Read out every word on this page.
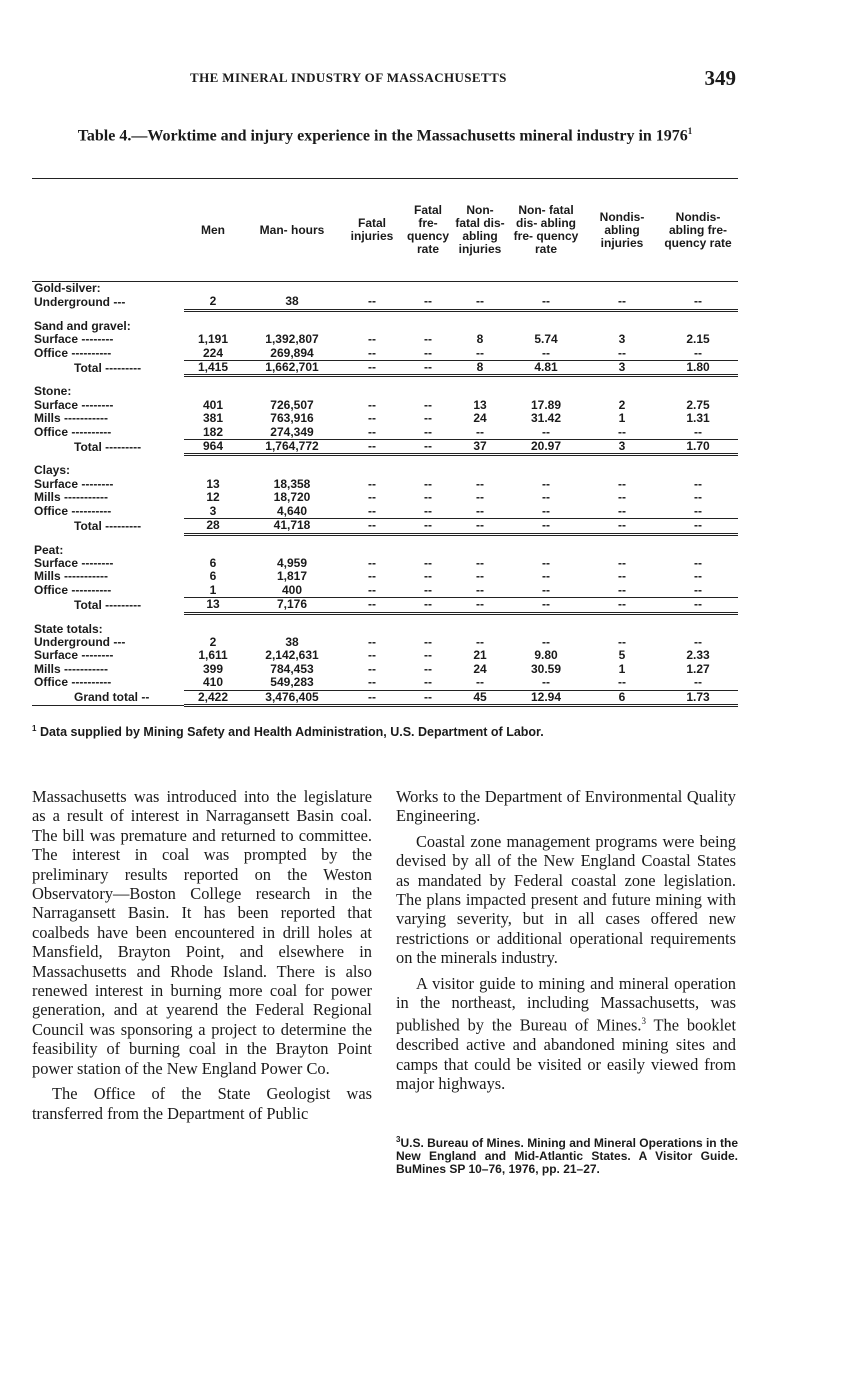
THE MINERAL INDUSTRY OF MASSACHUSETTS	349
Table 4.—Worktime and injury experience in the Massachusetts mineral industry in 1976$^1$
	Men	Man- hours	Fatal injuries	Fatal fre- quency rate	Non- fatal dis- abling injuries	Non- fatal dis- abling fre- quency rate	Nondis- abling injuries	Nondis- abling fre- quency rate
Gold-silver:								
Underground ---	2	38	--	--	--	--	--	--

Sand and gravel:								
Surface --------	1,191	1,392,807	--	--	8	5.74	3	2.15
Office ----------	224	269,894	--	--	--	--	--	--
Total ---------	1,415	1,662,701	--	--	8	4.81	3	1.80

Stone:								
Surface --------	401	726,507	--	--	13	17.89	2	2.75
Mills -----------	381	763,916	--	--	24	31.42	1	1.31
Office ----------	182	274,349	--	--	--	--	--	--
Total ---------	964	1,764,772	--	--	37	20.97	3	1.70

Clays:								
Surface --------	13	18,358	--	--	--	--	--	--
Mills -----------	12	18,720	--	--	--	--	--	--
Office ----------	3	4,640	--	--	--	--	--	--
Total ---------	28	41,718	--	--	--	--	--	--

Peat:								
Surface --------	6	4,959	--	--	--	--	--	--
Mills -----------	6	1,817	--	--	--	--	--	--
Office ----------	1	400	--	--	--	--	--	--
Total ---------	13	7,176	--	--	--	--	--	--

State totals:								
Underground ---	2	38	--	--	--	--	--	--
Surface --------	1,611	2,142,631	--	--	21	9.80	5	2.33
Mills -----------	399	784,453	--	--	24	30.59	1	1.27
Office ----------	410	549,283	--	--	--	--	--	--
Grand total --	2,422	3,476,405	--	--	45	12.94	6	1.73
$^1$ Data supplied by Mining Safety and Health Administration, U.S. Department of Labor.

Massachusetts was introduced into the legislature as a result of interest in Narragansett Basin coal. The bill was premature and returned to committee. The interest in coal was prompted by the preliminary results reported on the Weston Observatory—Boston College research in the Narragansett Basin. It has been reported that coalbeds have been encountered in drill holes at Mansfield, Brayton Point, and elsewhere in Massachusetts and Rhode Island. There is also renewed interest in burning more coal for power generation, and at yearend the Federal Regional Council was sponsoring a project to determine the feasibility of burning coal in the Brayton Point power station of the New England Power Co.

The Office of the State Geologist was transferred from the Department of Public

Works to the Department of Environmental Quality Engineering.

Coastal zone management programs were being devised by all of the New England Coastal States as mandated by Federal coastal zone legislation. The plans impacted present and future mining with varying severity, but in all cases offered new restrictions or additional operational requirements on the minerals industry.

A visitor guide to mining and mineral operation in the northeast, including Massachusetts, was published by the Bureau of Mines.$^3$ The booklet described active and abandoned mining sites and camps that could be visited or easily viewed from major highways.

$^3$U.S. Bureau of Mines. Mining and Mineral Operations in the New England and Mid-Atlantic States. A Visitor Guide. BuMines SP 10–76, 1976, pp. 21–27.
